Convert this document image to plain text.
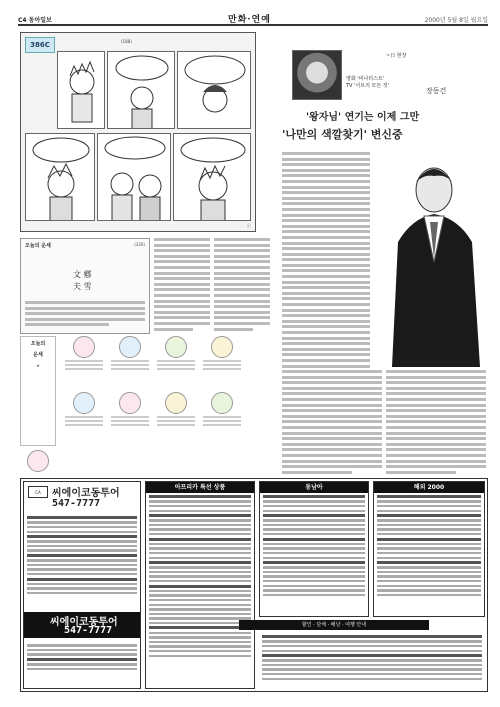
C4 동아일보	만화·연예	2000년 5월 8일 월요일
386C	(188)
ⓒ
오늘의 운세	(326)
文 鄕
夫 雪
오늘의
운세
★
~日 현장
영화 '비나리스트'
TV '이브의 모든 것'
장동건
'왕자님' 연기는 이제 그만
'나만의 색깔찾기' 변신중
CA	씨에이코동투어
547-7777
씨에이코동투어
547-7777
아프리카 특선 상품	동남아	해외 2000
할인 · 단체 · 배낭 · 여행 안내
